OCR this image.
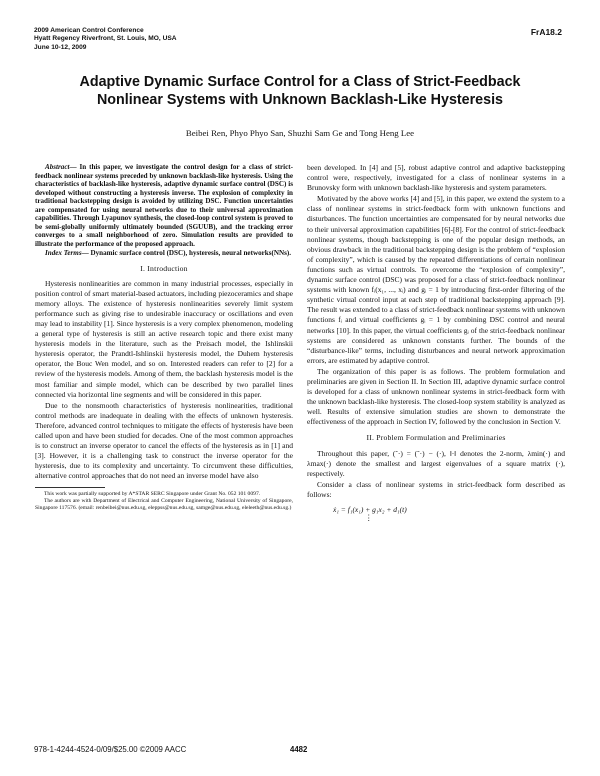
2009 American Control Conference
Hyatt Regency Riverfront, St. Louis, MO, USA
June 10-12, 2009
FrA18.2
Adaptive Dynamic Surface Control for a Class of Strict-Feedback
Nonlinear Systems with Unknown Backlash-Like Hysteresis
Beibei Ren, Phyo Phyo San, Shuzhi Sam Ge and Tong Heng Lee

Abstract— In this paper, we investigate the control design for a class of strict-feedback nonlinear systems preceded by unknown backlash-like hysteresis. Using the characteristics of backlash-like hysteresis, adaptive dynamic surface control (DSC) is developed without constructing a hysteresis inverse. The explosion of complexity in traditional backstepping design is avoided by utilizing DSC. Function uncertainties are compensated for using neural networks due to their universal approximation capabilities. Through Lyapunov synthesis, the closed-loop control system is proved to be semi-globally uniformly ultimately bounded (SGUUB), and the tracking error converges to a small neighborhood of zero. Simulation results are provided to illustrate the performance of the proposed approach.

Index Terms— Dynamic surface control (DSC), hysteresis, neural networks(NNs).

I. Introduction

Hysteresis nonlinearities are common in many industrial processes, especially in position control of smart material-based actuators, including piezoceramics and shape memory alloys. The existence of hysteresis nonlinearities severely limit system performance such as giving rise to undesirable inaccuracy or oscillations and even may lead to instability [1]. Since hysteresis is a very complex phenomenon, modeling a general type of hysteresis is still an active research topic and there exist many hysteresis models in the literature, such as the Preisach model, the Ishlinskii hysteresis operator, the Prandtl-Ishlinskii hysteresis model, the Duhem hysteresis operator, the Bouc Wen model, and so on. Interested readers can refer to [2] for a review of the hysteresis models. Among of them, the backlash hysteresis model is the most familiar and simple model, which can be described by two parallel lines connected via horizontal line segments and will be considered in this paper.

Due to the nonsmooth characteristics of hysteresis nonlinearities, traditional control methods are inadequate in dealing with the effects of unknown hysteresis. Therefore, advanced control techniques to mitigate the effects of hysteresis have been called upon and have been studied for decades. One of the most common approaches is to construct an inverse operator to cancel the effects of the hysteresis as in [1] and [3]. However, it is a challenging task to construct the inverse operator for the hysteresis, due to its complexity and uncertainty. To circumvent these difficulties, alternative control approaches that do not need an inverse model have also

This work was partially supported by A*STAR SERC Singapore under Grant No. 052 101 0097.
The authors are with Department of Electrical and Computer Engineering, National University of Singapore, Singapore 117576. (email: renbeibei@nus.edu.sg, eleppss@nus.edu.sg, samge@nus.edu.sg, eleleeth@nus.edu.sg.)

been developed. In [4] and [5], robust adaptive control and adaptive backstepping control were, respectively, investigated for a class of nonlinear systems in a Brunovsky form with unknown backlash-like hysteresis and system parameters.

Motivated by the above works [4] and [5], in this paper, we extend the system to a class of nonlinear systems in strict-feedback form with unknown functions and disturbances. The function uncertainties are compensated for by neural networks due to their universal approximation capabilities [6]-[8]. For the control of strict-feedback nonlinear systems, though backstepping is one of the popular design methods, an obvious drawback in the traditional backstepping design is the problem of “explosion of complexity”, which is caused by the repeated differentiations of certain nonlinear functions such as virtual controls. To overcome the “explosion of complexity”, dynamic surface control (DSC) was proposed for a class of strict-feedback nonlinear systems with known fᵢ(x₁, ..., xᵢ) and gᵢ = 1 by introducing first-order filtering of the synthetic virtual control input at each step of traditional backstepping approach [9]. The result was extended to a class of strict-feedback nonlinear systems with unknown functions fᵢ and virtual coefficients gᵢ = 1 by combining DSC control and neural networks [10]. In this paper, the virtual coefficients gᵢ of the strict-feedback nonlinear systems are considered as unknown constants further. The bounds of the “disturbance-like” terms, including disturbances and neural network approximation errors, are estimated by adaptive control.

The organization of this paper is as follows. The problem formulation and preliminaries are given in Section II. In Section III, adaptive dynamic surface control is developed for a class of unknown nonlinear systems in strict-feedback form with the unknown backlash-like hysteresis. The closed-loop system stability is analyzed as well. Results of extensive simulation studies are shown to demonstrate the effectiveness of the approach in Section IV, followed by the conclusion in Section V.

II. Problem Formulation and Preliminaries

Throughout this paper, (˜·) = (ˆ·) − (·), ‖·‖ denotes the 2-norm, λmin(·) and λmax(·) denote the smallest and largest eigenvalues of a square matrix (·), respectively.

Consider a class of nonlinear systems in strict-feedback form described as follows:

ẋ₁ = f₁(x₁) + g₁x₂ + d₁(t)
⋮
978-1-4244-4524-0/09/$25.00 ©2009 AACC	4482
